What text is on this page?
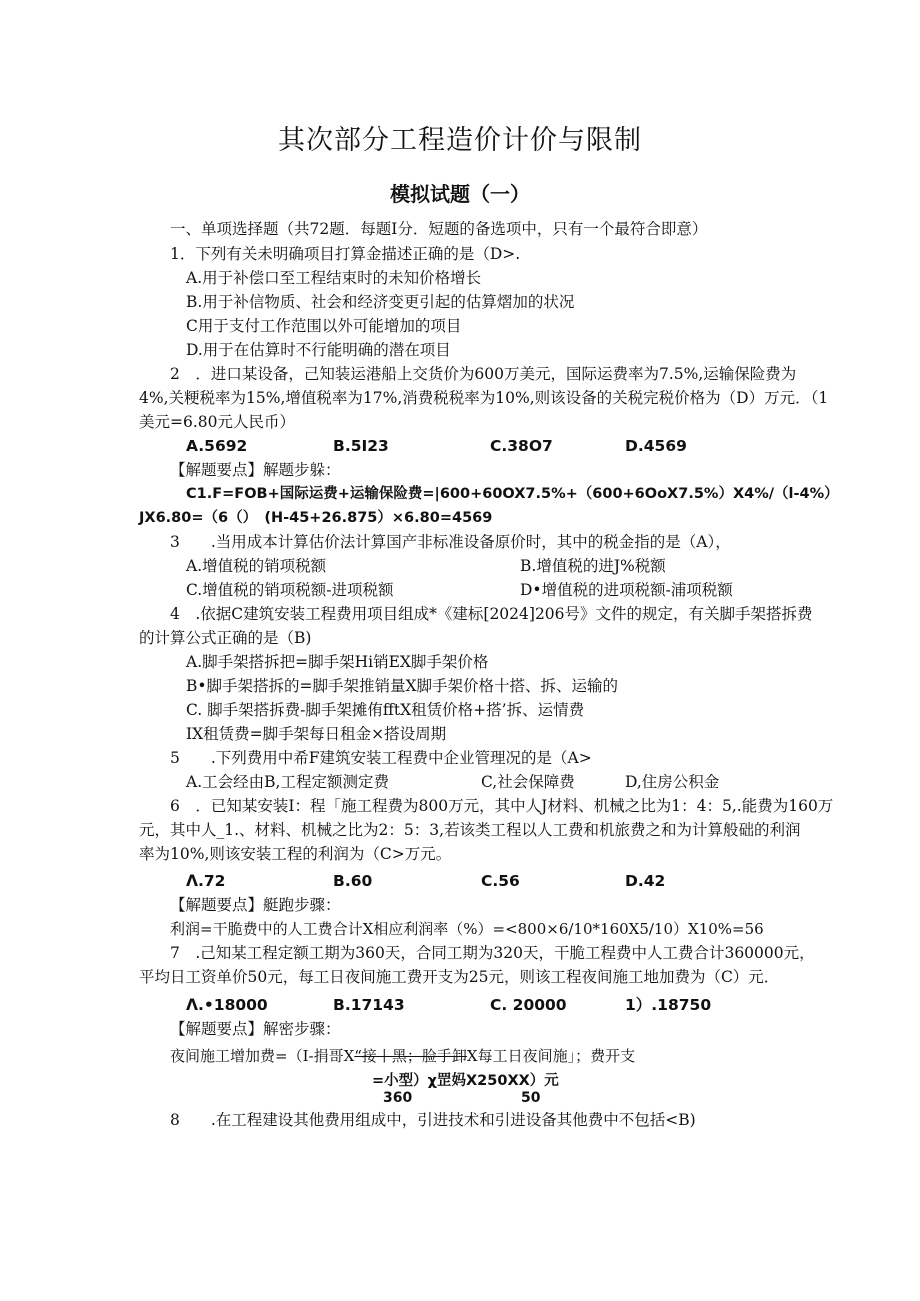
其次部分工程造价计价与限制
模拟试题（一）
一、单项选择题（共72题．每题I分．短题的备选项中，只有一个最符合即意）
1．下列有关未明确项目打算金描述正确的是（D>.
A.用于补偿口至工程结束时的未知价格增长
B.用于补信物质、社会和经济变更引起的估算熠加的状况
C用于支付工作范围以外可能增加的项目
D.用于在估算时不行能明确的潜在项目
2　．进口某设备，己知装运港船上交货价为600万美元，国际运费率为7.5%,运输保险费为
4%,关粳税率为15%,增值税率为17%,消费税税率为10%,则该设备的关税完税价格为（D）万元．（1
美元=6.80元人民币）
A.5692	B.5I23	C.38O7	D.4569
【解题要点】解题步躲：
C1.F=FOB+国际运费+运输保险费=|600+60OX7.5%+（600+6OoX7.5%）X4%/（l-4%）
JX6.80=（6（）　(H-45+26.875）×6.80=4569
3　　.当用成本计算估价法计算国产非标准设备原价时，其中的税金指的是（A），
A.增值税的销项税额	B.增值税的进J%税额
C.增值税的销项税额-进项税额	D•增值税的进项税额-浦项税额
4　.依据C建筑安装工程费用项目组成*《建标[2024]206号》文件的规定，有关脚手架搭拆费
的计算公式正确的是（B)
A.脚手架搭拆把=脚手架Hi销EX脚手架价格
B•脚手架搭拆的=脚手架推销量X脚手架价格十搭、拆、运输的
C. 脚手架搭拆费-脚手架摊侑fftX租赁价格+搭’拆、运情费
IX租赁费=脚手架每日租金×搭设周期
5　　.下列费用中希F建筑安装工程费中企业管理况的是（A>
A.工会经由B,工程定额测定费	C,社会保障费	D,住房公积金
6　．已知某安装I：程「施工程费为800万元，其中人J材料、机械之比为1：4：5,.能费为160万
元，其中人_1.、材料、机械之比为2：5：3,若该类工程以人工费和机旅费之和为计算般础的利润
率为10%,则该安装工程的利润为（C>万元。
Λ.72	B.60	C.56	D.42
【解题要点】艇跑步骤：
利润=干脆费中的人工费合计X相应利润率（%）=<800×6/10*160X5/10）X10%=56
7　.己知某工程定额工期为360天，合同工期为320天，干脆工程费中人工费合计360000元，
平均日工资单价50元，每工日夜间施工费开支为25元，则该工程夜间施工地加费为（C）元．
Λ.•18000	B.17143	C. 20000	1）.18750
【解题要点】解密步骤：
夜间施工增加费=（I-捐哥X“接丨黑；脸手卸X每工日夜间施」；费开支
=小型）χ罡妈X250XX）元
360	50
8　　.在工程建设其他费用组成中，引进技术和引进设备其他费中不包括<B)
